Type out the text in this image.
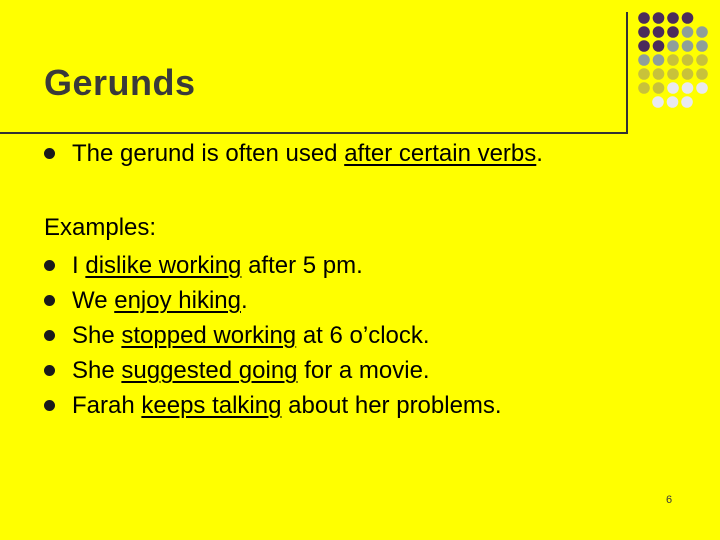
Gerunds
The gerund is often used after certain verbs.
Examples:
I dislike working after 5 pm.
We enjoy hiking.
She stopped working at 6 o’clock.
She suggested going for a movie.
Farah keeps talking about her problems.
6
